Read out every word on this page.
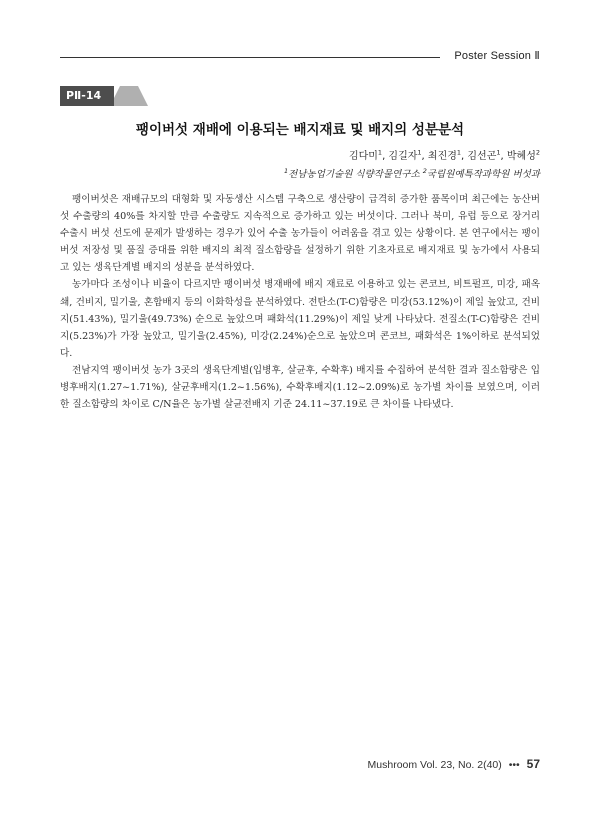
Poster Session Ⅱ
PⅡ-14
팽이버섯 재배에 이용되는 배지재료 및 배지의 성분분석
김다미$^1$, 김길자$^1$, 최진경$^1$, 김선곤$^1$, 박혜성$^2$
$^1$전남농업기술원 식량작물연구소 $^2$국립원예특작과학원 버섯과

팽이버섯은 재배규모의 대형화 및 자동생산 시스템 구축으로 생산량이 급격히 증가한 품목이며 최근에는 농산버섯 수출량의 40%를 차지할 만큼 수출량도 지속적으로 증가하고 있는 버섯이다. 그러나 북미, 유럽 등으로 장거리 수출시 버섯 선도에 문제가 발생하는 경우가 있어 수출 농가들이 어려움을 겪고 있는 상황이다. 본 연구에서는 팽이버섯 저장성 및 품질 증대를 위한 배지의 최적 질소함량을 설정하기 위한 기초자료로 배지재료 및 농가에서 사용되고 있는 생육단계별 배지의 성분을 분석하였다.

농가마다 조성이나 비율이 다르지만 팽이버섯 병재배에 배지 재료로 이용하고 있는 콘코브, 비트펄프, 미강, 패옥쇄, 건비지, 밀기울, 혼합배지 등의 이화학성을 분석하였다. 전탄소(T-C)함량은 미강(53.12%)이 제일 높았고, 건비지(51.43%), 밀기울(49.73%) 순으로 높았으며 패화석(11.29%)이 제일 낮게 나타났다. 전질소(T-C)함량은 건비지(5.23%)가 가장 높았고, 밀기울(2.45%), 미강(2.24%)순으로 높았으며 콘코브, 패화석은 1%이하로 분석되었다.

전남지역 팽이버섯 농가 3곳의 생육단계별(입병후, 살균후, 수확후) 배지를 수집하여 분석한 결과 질소함량은 입병후배지(1.27~1.71%), 살균후배지(1.2~1.56%), 수확후배지(1.12~2.09%)로 농가별 차이를 보였으며, 이러한 질소함량의 차이로 C/N율은 농가별 살균전배지 기준 24.11~37.19로 큰 차이를 나타냈다.

Mushroom Vol. 23, No. 2(40) ••• 57
